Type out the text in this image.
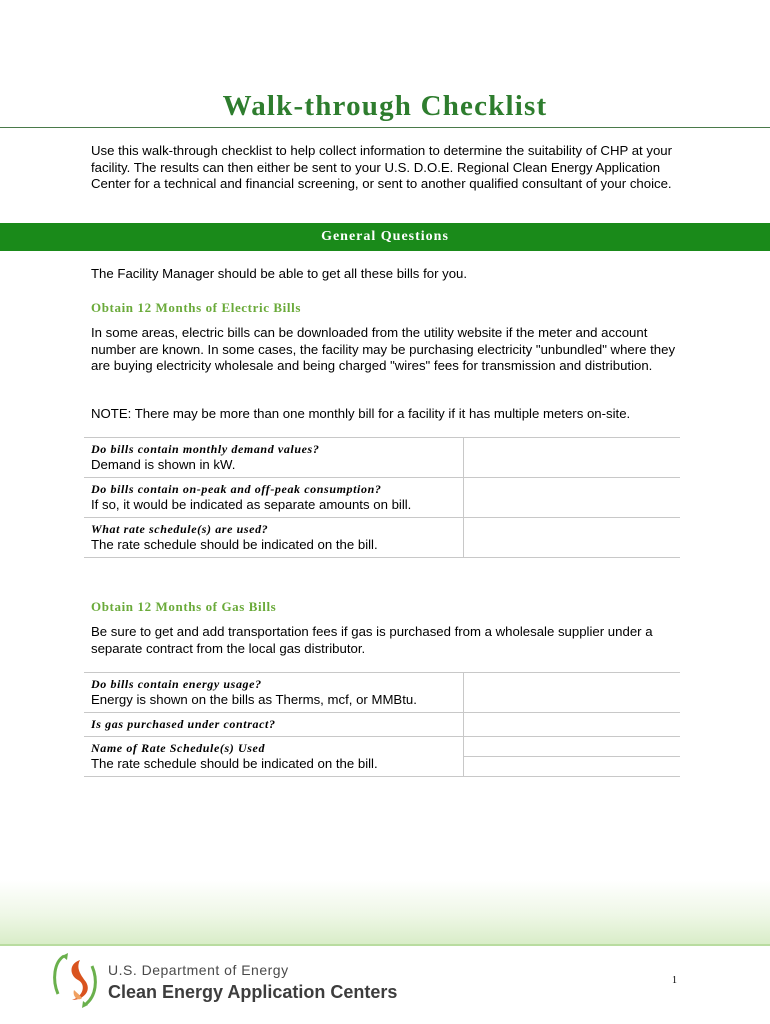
Walk-through Checklist
Use this walk-through checklist to help collect information to determine the suitability of CHP at your facility. The results can then either be sent to your U.S. D.O.E. Regional Clean Energy Application Center for a technical and financial screening, or sent to another qualified consultant of your choice.
General Questions
The Facility Manager should be able to get all these bills for you.
Obtain 12 Months of Electric Bills
In some areas, electric bills can be downloaded from the utility website if the meter and account number are known. In some cases, the facility may be purchasing electricity "unbundled" where they are buying electricity wholesale and being charged "wires" fees for transmission and distribution.
NOTE: There may be more than one monthly bill for a facility if it has multiple meters on-site.
Do bills contain monthly demand values?
Demand is shown in kW.
Do bills contain on-peak and off-peak consumption?
If so, it would be indicated as separate amounts on bill.
What rate schedule(s) are used?
The rate schedule should be indicated on the bill.
Obtain 12 Months of Gas Bills
Be sure to get and add transportation fees if gas is purchased from a wholesale supplier under a separate contract from the local gas distributor.
Do bills contain energy usage?
Energy is shown on the bills as Therms, mcf, or MMBtu.
Is gas purchased under contract?
Name of Rate Schedule(s) Used
The rate schedule should be indicated on the bill.
U.S. Department of Energy
Clean Energy Application Centers
1
